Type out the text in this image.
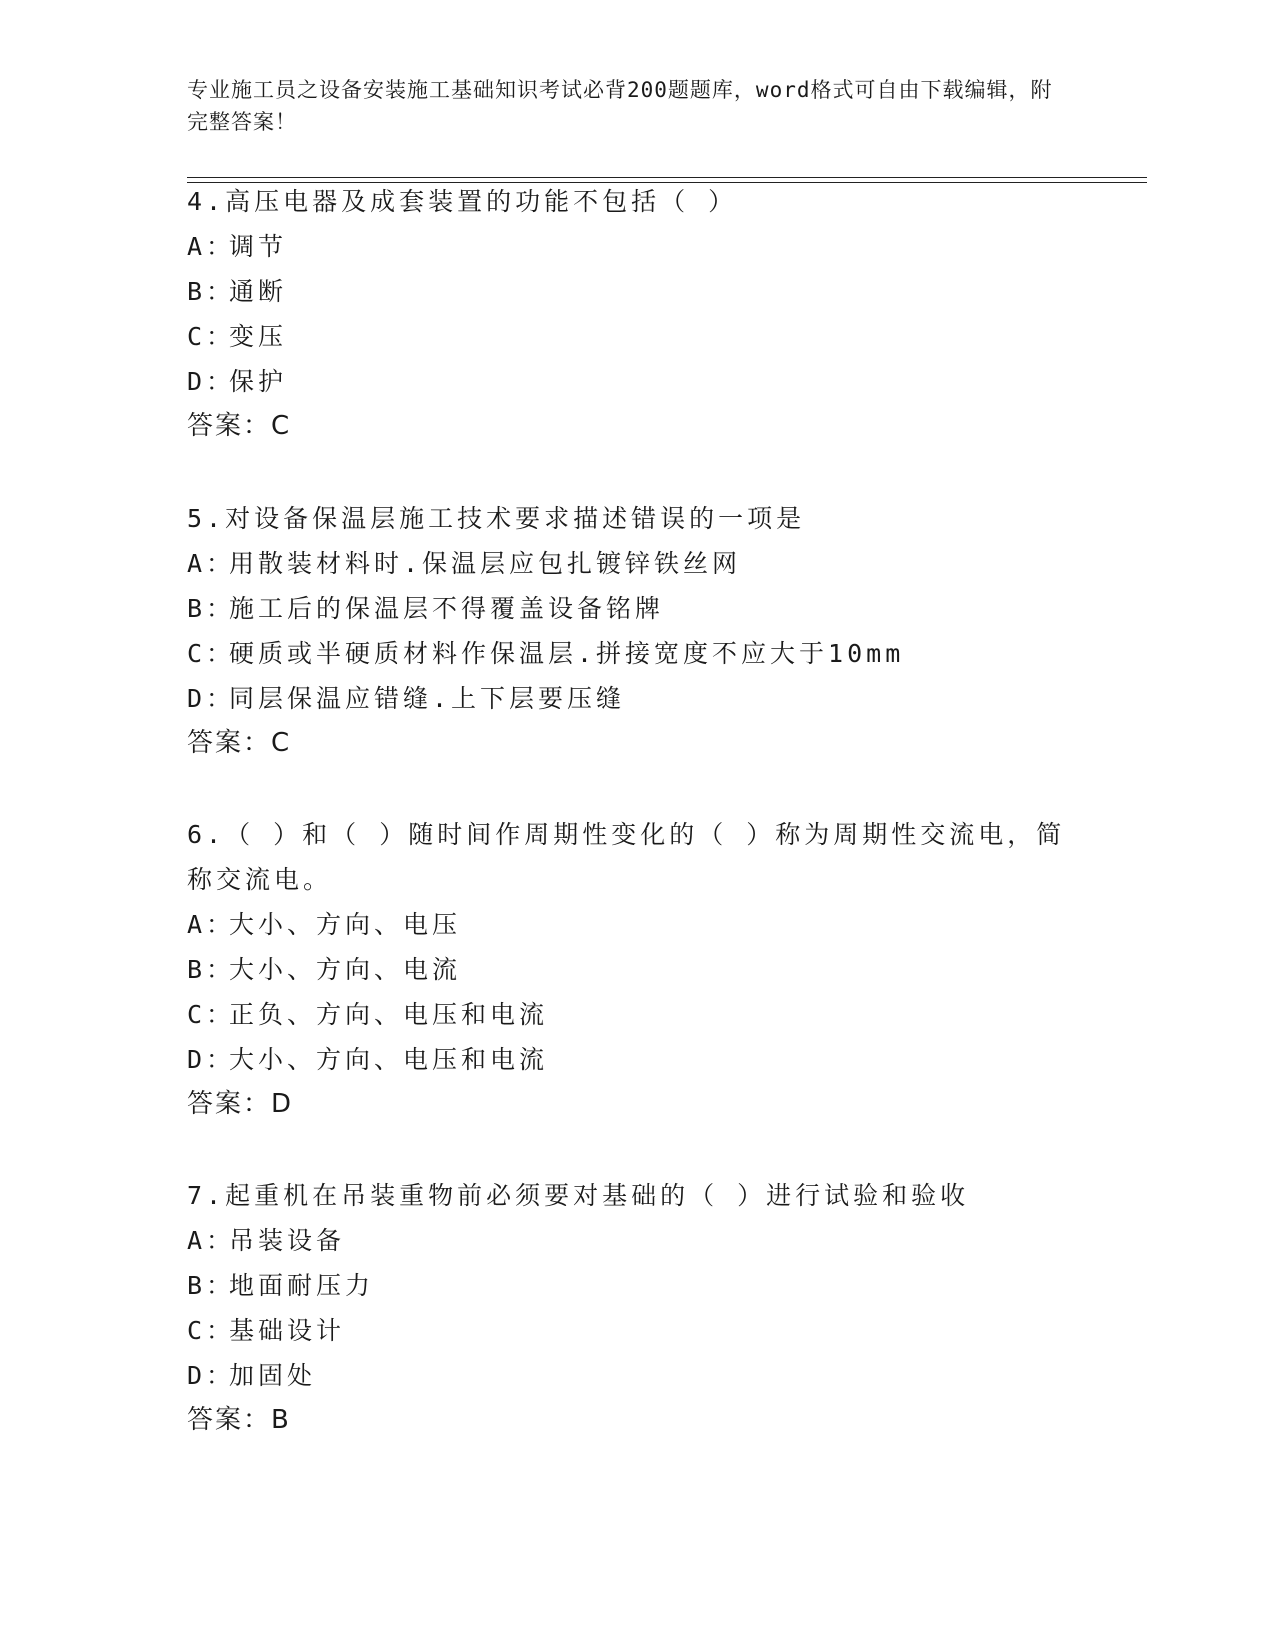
专业施工员之设备安装施工基础知识考试必背200题题库，word格式可自由下载编辑，附完整答案！
4.高压电器及成套装置的功能不包括（ ）
A：调节
B：通断
C：变压
D：保护
答案：C
5.对设备保温层施工技术要求描述错误的一项是
A：用散装材料时.保温层应包扎镀锌铁丝网
B：施工后的保温层不得覆盖设备铭牌
C：硬质或半硬质材料作保温层.拼接宽度不应大于10mm
D：同层保温应错缝.上下层要压缝
答案：C
6.（ ）和（ ）随时间作周期性变化的（ ）称为周期性交流电，简称交流电。
A：大小、方向、电压
B：大小、方向、电流
C：正负、方向、电压和电流
D：大小、方向、电压和电流
答案：D
7.起重机在吊装重物前必须要对基础的（ ）进行试验和验收
A：吊装设备
B：地面耐压力
C：基础设计
D：加固处
答案：B
